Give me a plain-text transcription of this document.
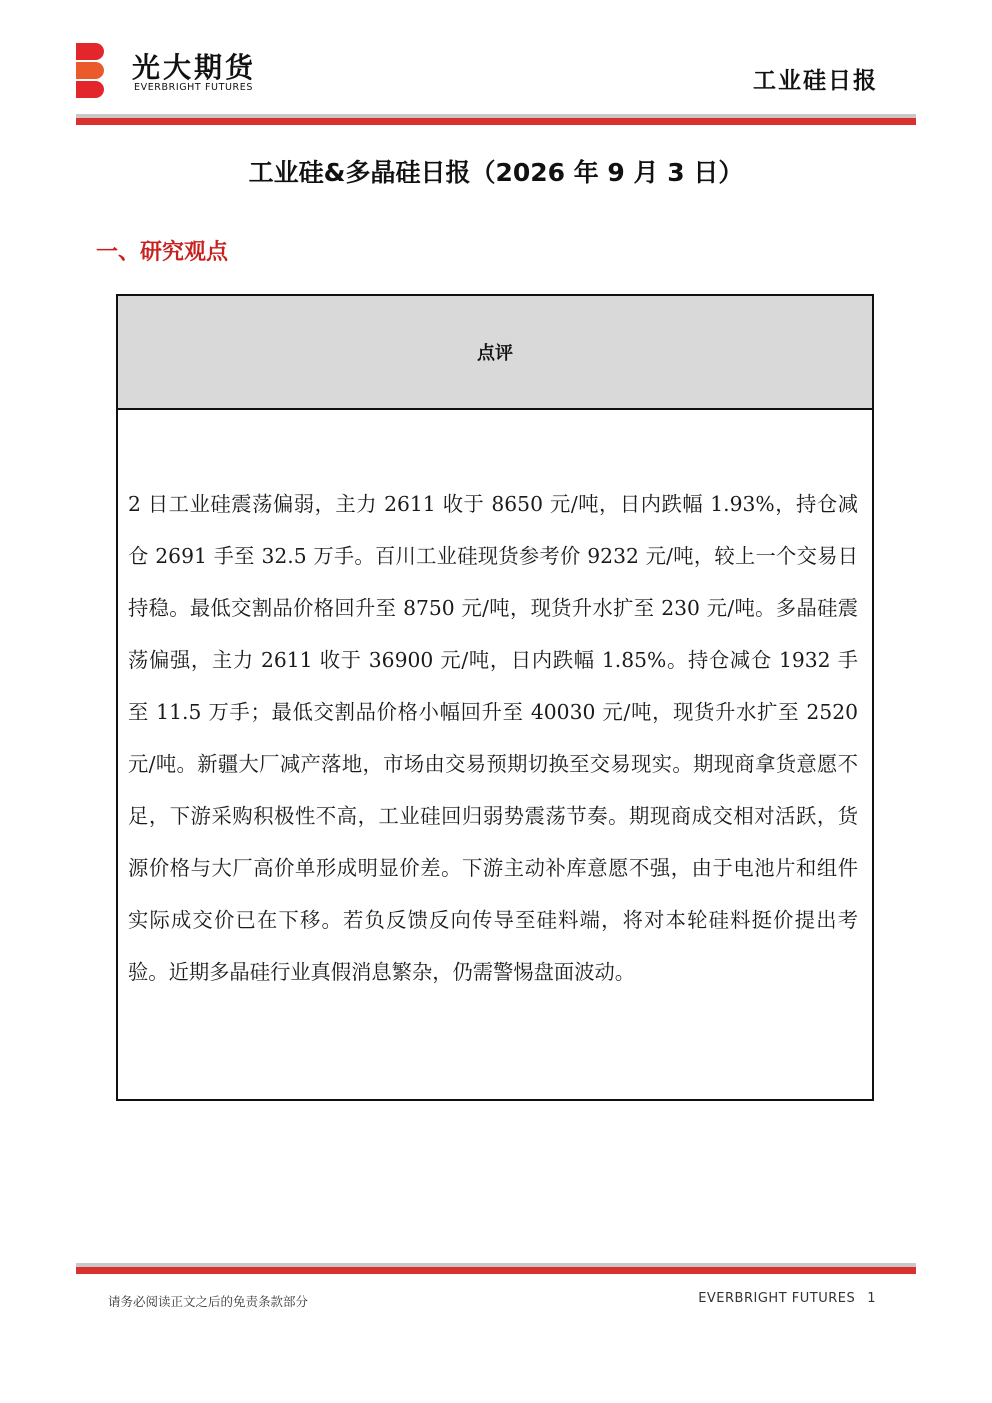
光大期货
EVERBRIGHT FUTURES	工业硅日报
工业硅&多晶硅日报（2026 年 9 月 3 日）
一、研究观点
点评
2 日工业硅震荡偏弱，主力 2611 收于 8650 元/吨，日内跌幅 1.93%，持仓减仓 2691 手至 32.5 万手。百川工业硅现货参考价 9232 元/吨，较上一个交易日持稳。最低交割品价格回升至 8750 元/吨，现货升水扩至 230 元/吨。多晶硅震荡偏强，主力 2611 收于 36900 元/吨，日内跌幅 1.85%。持仓减仓 1932 手至 11.5 万手；最低交割品价格小幅回升至 40030 元/吨，现货升水扩至 2520 元/吨。新疆大厂减产落地，市场由交易预期切换至交易现实。期现商拿货意愿不足，下游采购积极性不高，工业硅回归弱势震荡节奏。期现商成交相对活跃，货源价格与大厂高价单形成明显价差。下游主动补库意愿不强，由于电池片和组件实际成交价已在下移。若负反馈反向传导至硅料端，将对本轮硅料挺价提出考验。近期多晶硅行业真假消息繁杂，仍需警惕盘面波动。
请务必阅读正文之后的免责条款部分	EVERBRIGHT FUTURES 1
